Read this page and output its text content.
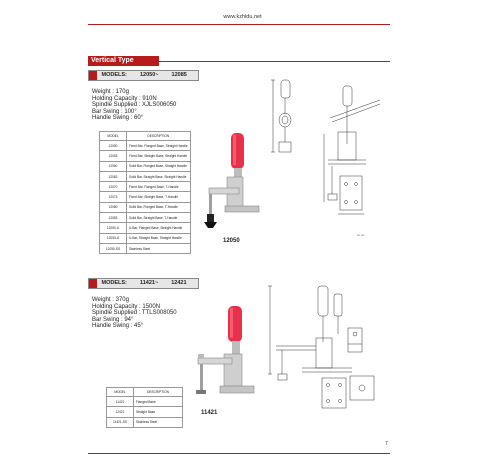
www.kzhidu.net
Vertical Type
MODELS: 12050~ 12085
Weight : 170g
Holding Capacity : 910N
Spindle Supplied : XJLS006050
Bar Swing : 100°
Handle Swing : 60°
MODEL	DESCRIPTION
12050	Fixed Bar, Flanged Base, Straight Handle
12053	Fixed Bar, Straight Base, Straight Handle
12060	Solid Bar, Flanged Base, Straight Handle
12063	Solid Bar, Straight Base, Straight Handle
12070	Fixed Bar, Flanged Base, T-Handle
12073	Fixed Bar, Straight Base, T-Handle
12080	Solid Bar, Flanged Base, T-Handle
12083	Solid Bar, Straight Base, T-Handle
12050-U	U-Bar, Flanged Base, Straight Handle
12053-U	U-Bar, Straight Base, Straight Handle
12050-SS	Stainless Steel
12050
▪▪▪ ▪▪▪
MODELS: 11421~ 12421
Weight : 370g
Holding Capacity : 1500N
Spindle Supplied : TTLS008050
Bar Swing : 94°
Handle Swing : 45°
MODEL	DESCRIPTION
11421	Flanged Base
12421	Straight Base
11421-SS	Stainless Steel
11421
7
